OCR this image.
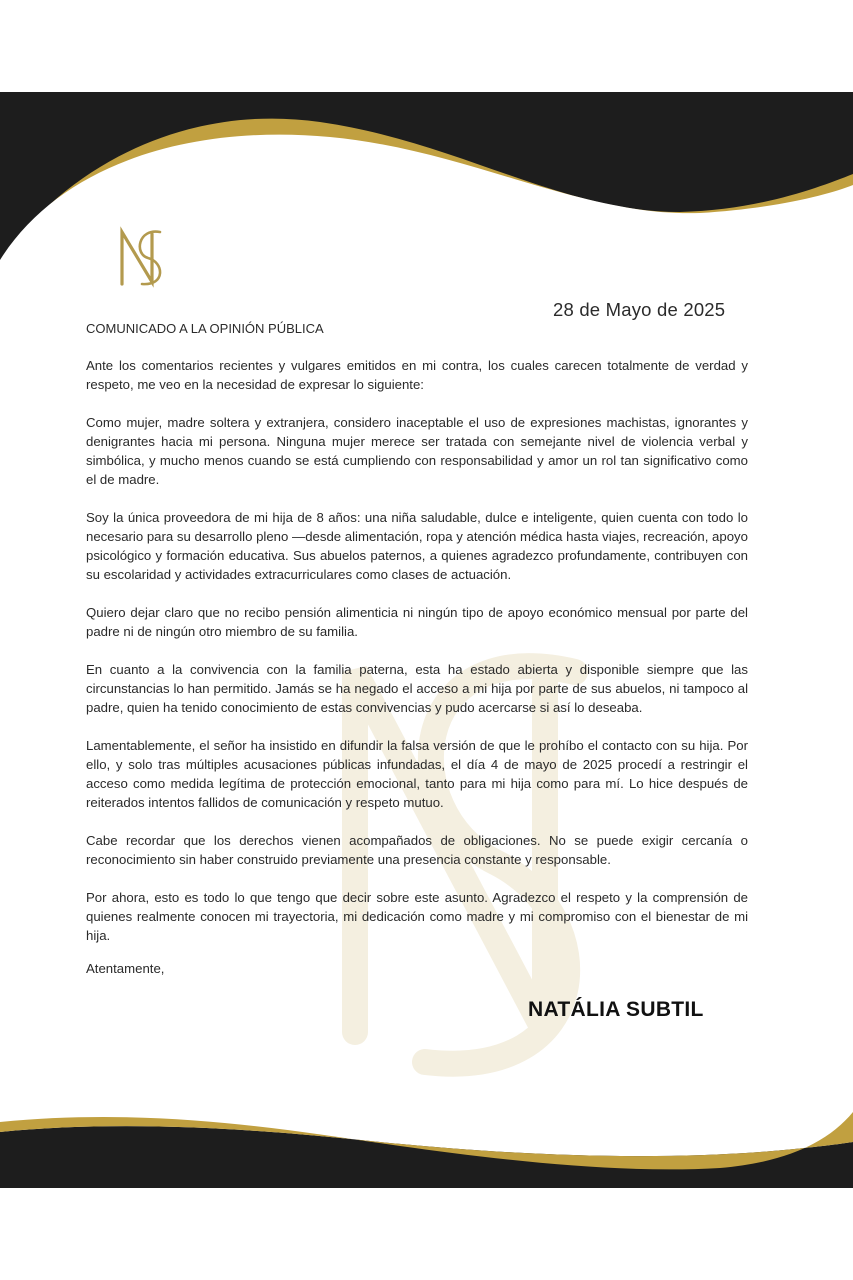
28 de Mayo de 2025
COMUNICADO A LA OPINIÓN PÚBLICA

Ante los comentarios recientes y vulgares emitidos en mi contra, los cuales carecen totalmente de verdad y respeto, me veo en la necesidad de expresar lo siguiente:

Como mujer, madre soltera y extranjera, considero inaceptable el uso de expresiones machistas, ignorantes y denigrantes hacia mi persona. Ninguna mujer merece ser tratada con semejante nivel de violencia verbal y simbólica, y mucho menos cuando se está cumpliendo con responsabilidad y amor un rol tan significativo como el de madre.

Soy la única proveedora de mi hija de 8 años: una niña saludable, dulce e inteligente, quien cuenta con todo lo necesario para su desarrollo pleno —desde alimentación, ropa y atención médica hasta viajes, recreación, apoyo psicológico y formación educativa. Sus abuelos paternos, a quienes agradezco profundamente, contribuyen con su escolaridad y actividades extracurriculares como clases de actuación.

Quiero dejar claro que no recibo pensión alimenticia ni ningún tipo de apoyo económico mensual por parte del padre ni de ningún otro miembro de su familia.

En cuanto a la convivencia con la familia paterna, esta ha estado abierta y disponible siempre que las circunstancias lo han permitido. Jamás se ha negado el acceso a mi hija por parte de sus abuelos, ni tampoco al padre, quien ha tenido conocimiento de estas convivencias y pudo acercarse si así lo deseaba.

Lamentablemente, el señor ha insistido en difundir la falsa versión de que le prohíbo el contacto con su hija. Por ello, y solo tras múltiples acusaciones públicas infundadas, el día 4 de mayo de 2025 procedí a restringir el acceso como medida legítima de protección emocional, tanto para mi hija como para mí. Lo hice después de reiterados intentos fallidos de comunicación y respeto mutuo.

Cabe recordar que los derechos vienen acompañados de obligaciones. No se puede exigir cercanía o reconocimiento sin haber construido previamente una presencia constante y responsable.

Por ahora, esto es todo lo que tengo que decir sobre este asunto. Agradezco el respeto y la comprensión de quienes realmente conocen mi trayectoria, mi dedicación como madre y mi compromiso con el bienestar de mi hija.

Atentamente,
NATÁLIA SUBTIL
